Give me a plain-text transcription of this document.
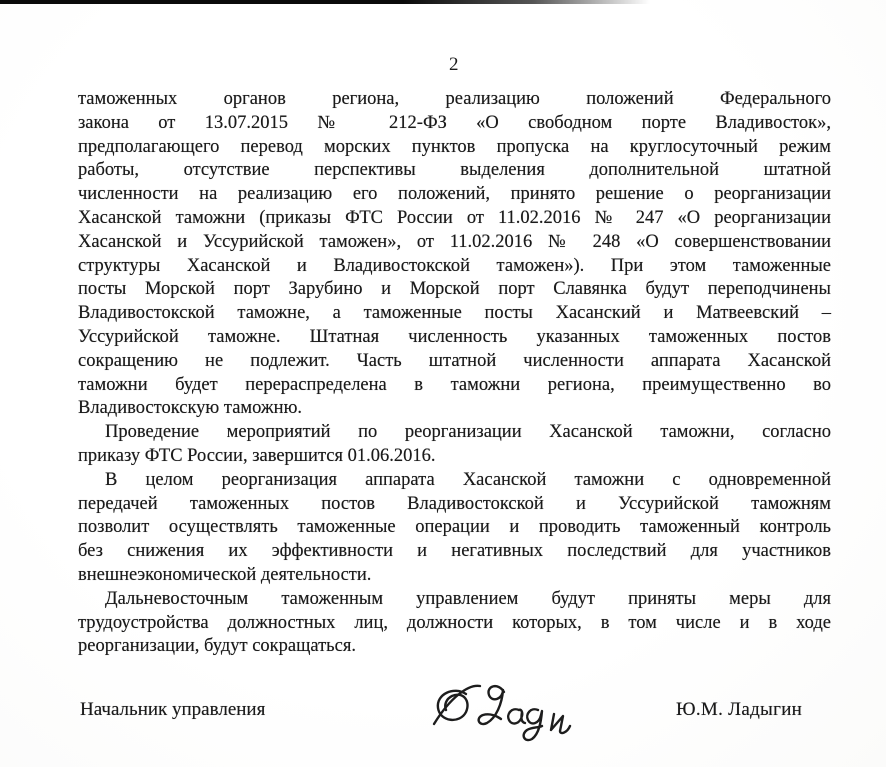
2
таможенных органов региона, реализацию положений Федерального
закона от 13.07.2015 № 212-ФЗ «О свободном порте Владивосток»,
предполагающего перевод морских пунктов пропуска на круглосуточный режим
работы, отсутствие перспективы выделения дополнительной штатной
численности на реализацию его положений, принято решение о реорганизации
Хасанской таможни (приказы ФТС России от 11.02.2016 № 247 «О реорганизации
Хасанской и Уссурийской таможен», от 11.02.2016 № 248 «О совершенствовании
структуры Хасанской и Владивостокской таможен»). При этом таможенные
посты Морской порт Зарубино и Морской порт Славянка будут переподчинены
Владивостокской таможне, а таможенные посты Хасанский и Матвеевский –
Уссурийской таможне. Штатная численность указанных таможенных постов
сокращению не подлежит. Часть штатной численности аппарата Хасанской
таможни будет перераспределена в таможни региона, преимущественно во
Владивостокскую таможню.
Проведение мероприятий по реорганизации Хасанской таможни, согласно
приказу ФТС России, завершится 01.06.2016.
В целом реорганизация аппарата Хасанской таможни с одновременной
передачей таможенных постов Владивостокской и Уссурийской таможням
позволит осуществлять таможенные операции и проводить таможенный контроль
без снижения их эффективности и негативных последствий для участников
внешнеэкономической деятельности.
Дальневосточным таможенным управлением будут приняты меры для
трудоустройства должностных лиц, должности которых, в том числе и в ходе
реорганизации, будут сокращаться.
Начальник управления	Ю.М. Ладыгин
